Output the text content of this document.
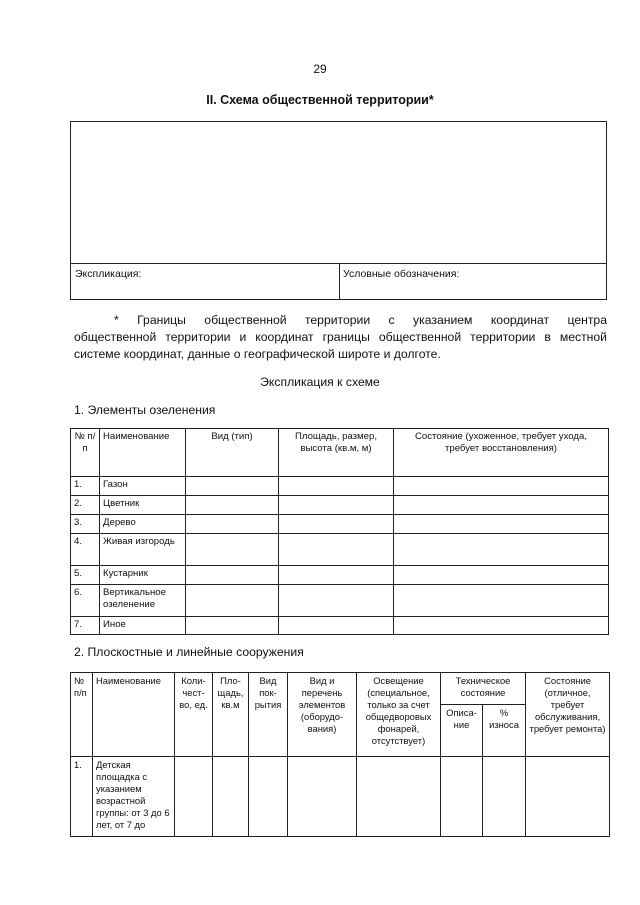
29
II. Схема общественной территории*
Экспликация:	Условные обозначения:
* Границы общественной территории с указанием координат центра
общественной территории и координат границы общественной территории в местной
системе координат, данные о географической широте и долготе.
Экспликация к схеме
1. Элементы озеленения
№ п/п	Наименование	Вид (тип)	Площадь, размер, высота (кв.м, м)	Состояние (ухоженное, требует ухода, требует восстановления)
1.	Газон			
2.	Цветник			
3.	Дерево			
4.	Живая изгородь			
5.	Кустарник			
6.	Вертикальное озеленение			
7.	Иное			
2. Плоскостные и линейные сооружения
№ п/п	Наименование	Коли-чест-во, ед.	Пло-щадь, кв.м	Вид пок-рытия	Вид и перечень элементов (оборудо-вания)	Освещение (специальное, только за счет общедворовых фонарей, отсутствует)	Техническое состояние		Состояние (отличное, требует обслуживания, требует ремонта)
							Описа-ние	% износа	
1.	Детская площадка с указанием возрастной группы: от 3 до 6 лет, от 7 до								
